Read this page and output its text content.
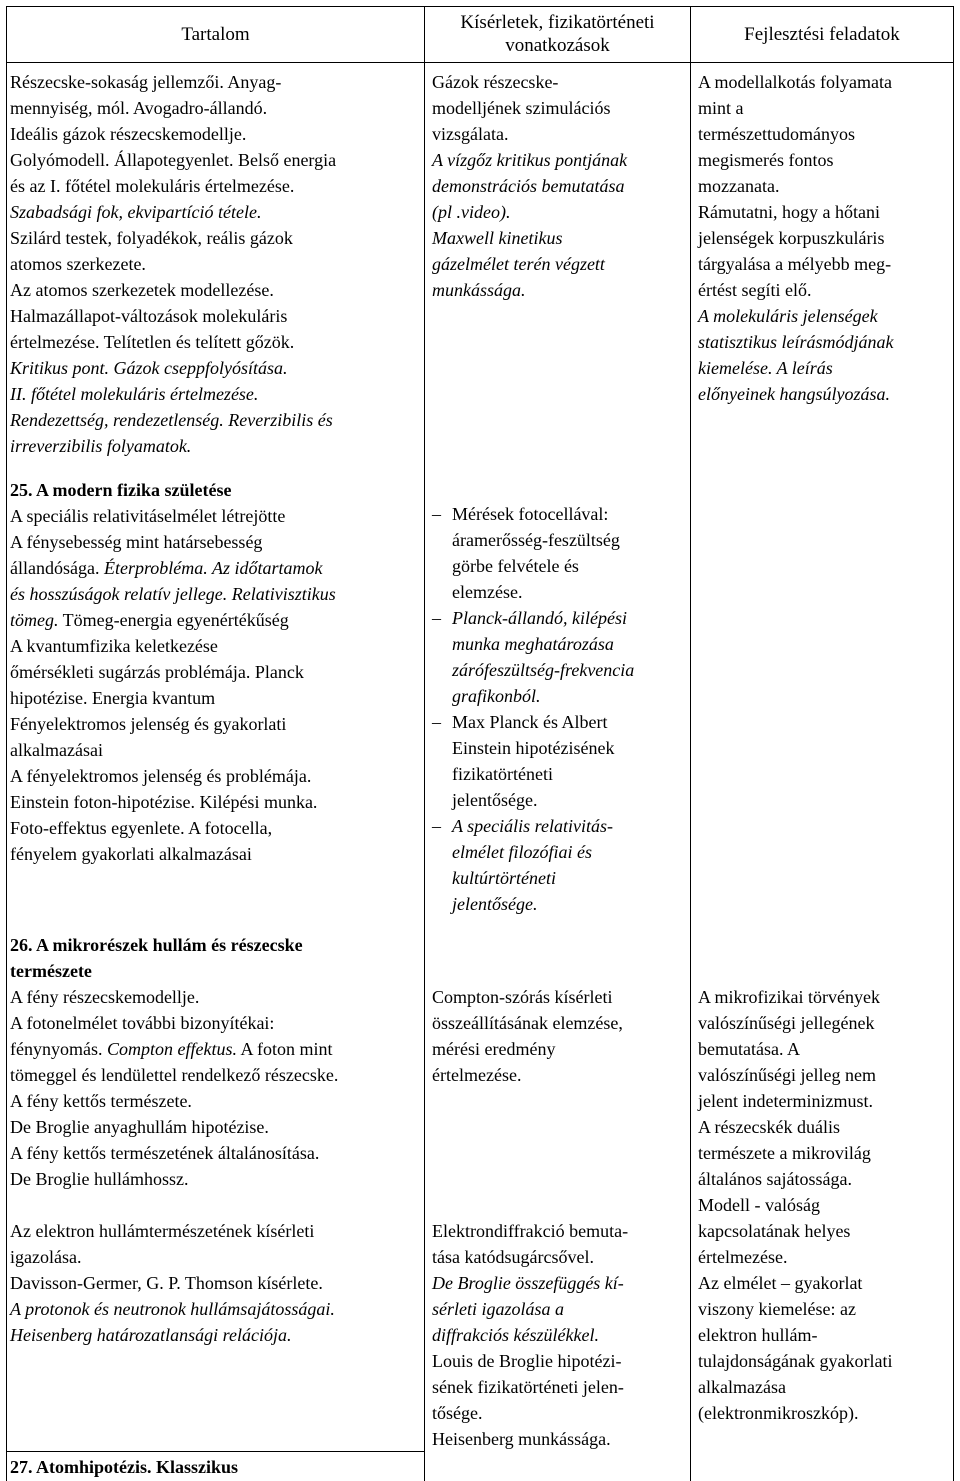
Tartalom
Kísérletek, fizikatörténeti vonatkozások
Fejlesztési feladatok
Részecske-sokaság jellemzői. Anyag-
mennyiség, mól. Avogadro-állandó.
Ideális gázok részecskemodellje.
Golyómodell. Állapotegyenlet. Belső energia
és az I. főtétel molekuláris értelmezése.
Szabadsági fok, ekvipartíció tétele.
Szilárd testek, folyadékok, reális gázok
atomos szerkezete.
Az atomos szerkezetek modellezése.
Halmazállapot-változások molekuláris
értelmezése. Telítetlen és telített gőzök.
Kritikus pont. Gázok cseppfolyósítása.
II. főtétel molekuláris értelmezése.
Rendezettség, rendezetlenség. Reverzibilis és
irreverzibilis folyamatok.
25. A modern fizika születése
A speciális relativitáselmélet létrejötte
A fénysebesség mint határsebesség
állandósága. Éterprobléma. Az időtartamok
és hosszúságok relatív jellege. Relativisztikus
tömeg. Tömeg-energia egyenértékűség
A kvantumfizika keletkezése
őmérsékleti sugárzás problémája. Planck
hipotézise. Energia kvantum
Fényelektromos jelenség és gyakorlati
alkalmazásai
A fényelektromos jelenség és problémája.
Einstein foton-hipotézise. Kilépési munka.
Foto-effektus egyenlete. A fotocella,
fényelem gyakorlati alkalmazásai
26. A mikrorészek hullám és részecske
természete
A fény részecskemodellje.
A fotonelmélet további bizonyítékai:
fénynyomás. Compton effektus. A foton mint
tömeggel és lendülettel rendelkező részecske.
A fény kettős természete.
De Broglie anyaghullám hipotézise.
A fény kettős természetének általánosítása.
De Broglie hullámhossz.
Az elektron hullámtermészetének kísérleti
igazolása.
Davisson-Germer, G. P. Thomson kísérlete.
A protonok és neutronok hullámsajátosságai.
Heisenberg határozatlansági relációja.
27. Atomhipotézis. Klasszikus
Gázok részecske-
modelljének szimulációs
vizsgálata.
A vízgőz kritikus pontjának
demonstrációs bemutatása
(pl .video).
Maxwell kinetikus
gázelmélet terén végzett
munkássága.
– Mérések fotocellával:
áramerősség-feszültség
görbe felvétele és
elemzése.
– Planck-állandó, kilépési
munka meghatározása
zárófeszültség-frekvencia
grafikonból.
– Max Planck és Albert
Einstein hipotézisének
fizikatörténeti
jelentősége.
– A speciális relativitás-
elmélet filozófiai és
kultúrtörténeti
jelentősége.
Compton-szórás kísérleti
összeállításának elemzése,
mérési eredmény
értelmezése.
Elektrondiffrakció bemuta-
tása katódsugárcsővel.
De Broglie összefüggés kí-
sérleti igazolása a
diffrakciós készülékkel.
Louis de Broglie hipotézi-
sének fizikatörténeti jelen-
tősége.
Heisenberg munkássága.
A modellalkotás folyamata
mint a
természettudományos
megismerés fontos
mozzanata.
Rámutatni, hogy a hőtani
jelenségek korpuszkuláris
tárgyalása a mélyebb meg-
értést segíti elő.
A molekuláris jelenségek
statisztikus leírásmódjának
kiemelése. A leírás
előnyeinek hangsúlyozása.
A mikrofizikai törvények
valószínűségi jellegének
bemutatása. A
valószínűségi jelleg nem
jelent indeterminizmust.
A részecskék duális
természete a mikrovilág
általános sajátossága.
Modell - valóság
kapcsolatának helyes
értelmezése.
Az elmélet – gyakorlat
viszony kiemelése: az
elektron hullám-
tulajdonságának gyakorlati
alkalmazása
(elektronmikroszkóp).
